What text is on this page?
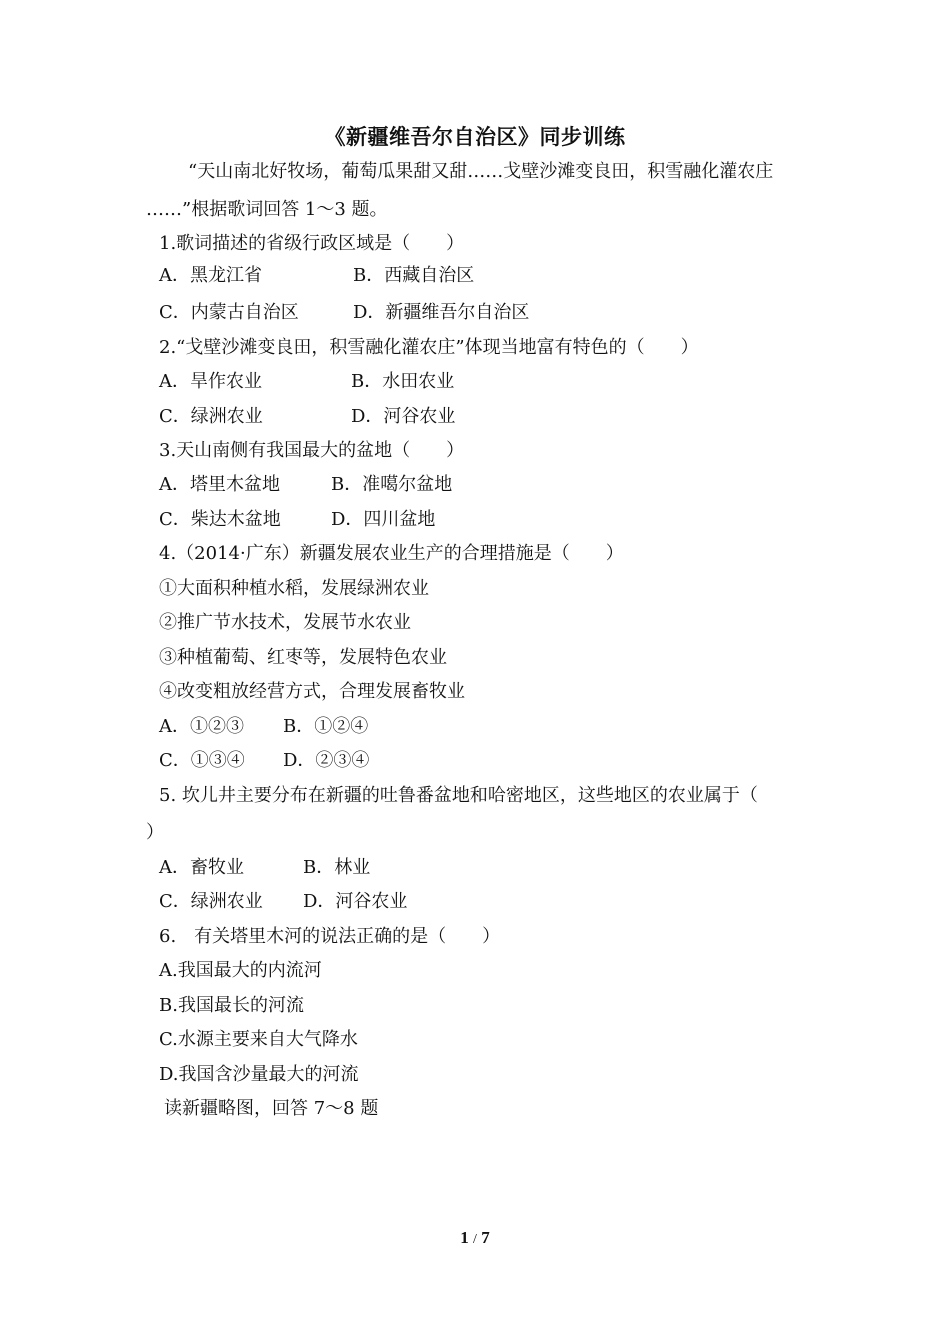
《新疆维吾尔自治区》同步训练
“天山南北好牧场，葡萄瓜果甜又甜……戈壁沙滩变良田，积雪融化灌农庄
……”根据歌词回答 1～3 题。
1.歌词描述的省级行政区域是（　　）
A．黑龙江省	B．西藏自治区
C．内蒙古自治区	D．新疆维吾尔自治区
2.“戈壁沙滩变良田，积雪融化灌农庄”体现当地富有特色的（　　）
A．旱作农业	B．水田农业
C．绿洲农业	D．河谷农业
3.天山南侧有我国最大的盆地（　　）
A．塔里木盆地	B．准噶尔盆地
C．柴达木盆地	D．四川盆地
4.（2014·广东）新疆发展农业生产的合理措施是（　　）
①大面积种植水稻，发展绿洲农业
②推广节水技术，发展节水农业
③种植葡萄、红枣等，发展特色农业
④改变粗放经营方式，合理发展畜牧业
A．①②③ B．①②④
C．①③④ D．②③④
5. 坎儿井主要分布在新疆的吐鲁番盆地和哈密地区，这些地区的农业属于（
）
A．畜牧业	B．林业
C．绿洲农业 D．河谷农业
6.　有关塔里木河的说法正确的是（　　）
A.我国最大的内流河
B.我国最长的河流
C.水源主要来自大气降水
D.我国含沙量最大的河流
读新疆略图，回答 7～8 题
1 / 7
